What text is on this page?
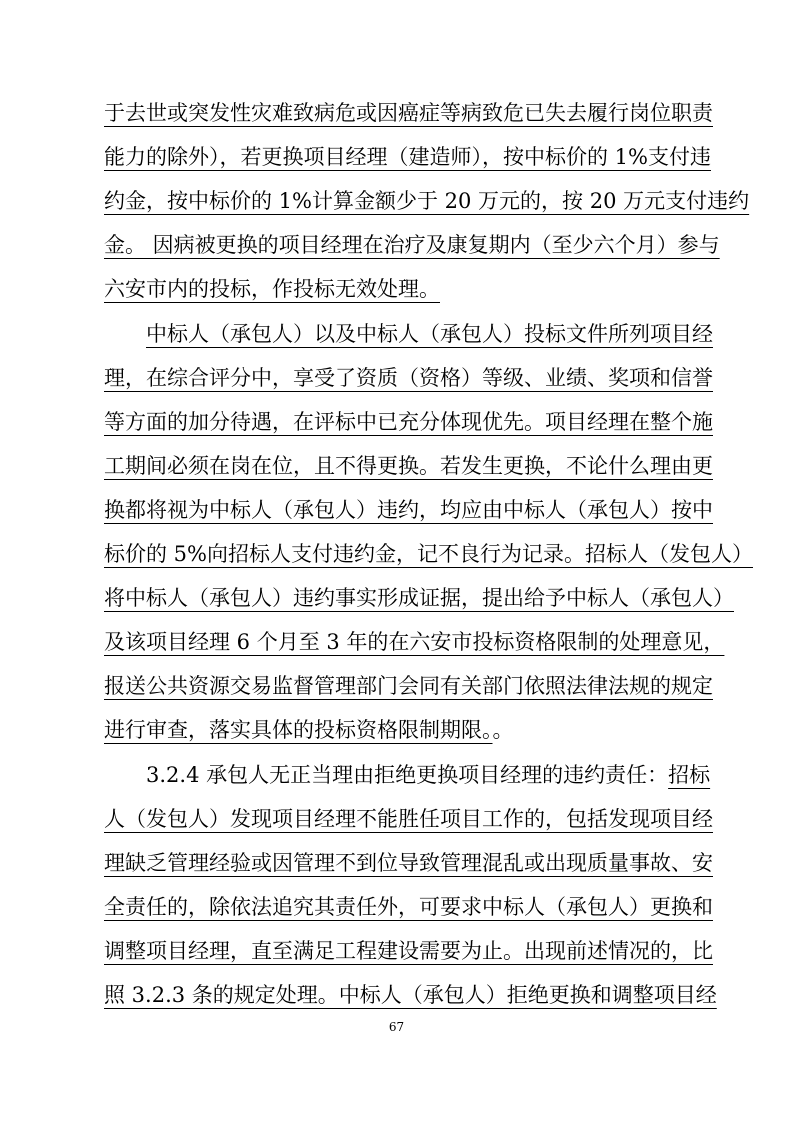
于去世或突发性灾难致病危或因癌症等病致危已失去履行岗位职责
能力的除外），若更换项目经理（建造师），按中标价的 1%支付违
约金，按中标价的 1%计算金额少于 20 万元的，按 20 万元支付违约
金。 因病被更换的项目经理在治疗及康复期内（至少六个月）参与
六安市内的投标，作投标无效处理。
中标人（承包人）以及中标人（承包人）投标文件所列项目经
理，在综合评分中，享受了资质（资格）等级、业绩、奖项和信誉
等方面的加分待遇，在评标中已充分体现优先。项目经理在整个施
工期间必须在岗在位，且不得更换。若发生更换，不论什么理由更
换都将视为中标人（承包人）违约，均应由中标人（承包人）按中
标价的 5%向招标人支付违约金，记不良行为记录。招标人（发包人）
将中标人（承包人）违约事实形成证据，提出给予中标人（承包人）
及该项目经理 6 个月至 3 年的在六安市投标资格限制的处理意见，
报送公共资源交易监督管理部门会同有关部门依照法律法规的规定
进行审查，落实具体的投标资格限制期限。。
3.2.4 承包人无正当理由拒绝更换项目经理的违约责任：招标
人（发包人）发现项目经理不能胜任项目工作的，包括发现项目经
理缺乏管理经验或因管理不到位导致管理混乱或出现质量事故、安
全责任的，除依法追究其责任外，可要求中标人（承包人）更换和
调整项目经理，直至满足工程建设需要为止。出现前述情况的，比
照 3.2.3 条的规定处理。中标人（承包人）拒绝更换和调整项目经
67
